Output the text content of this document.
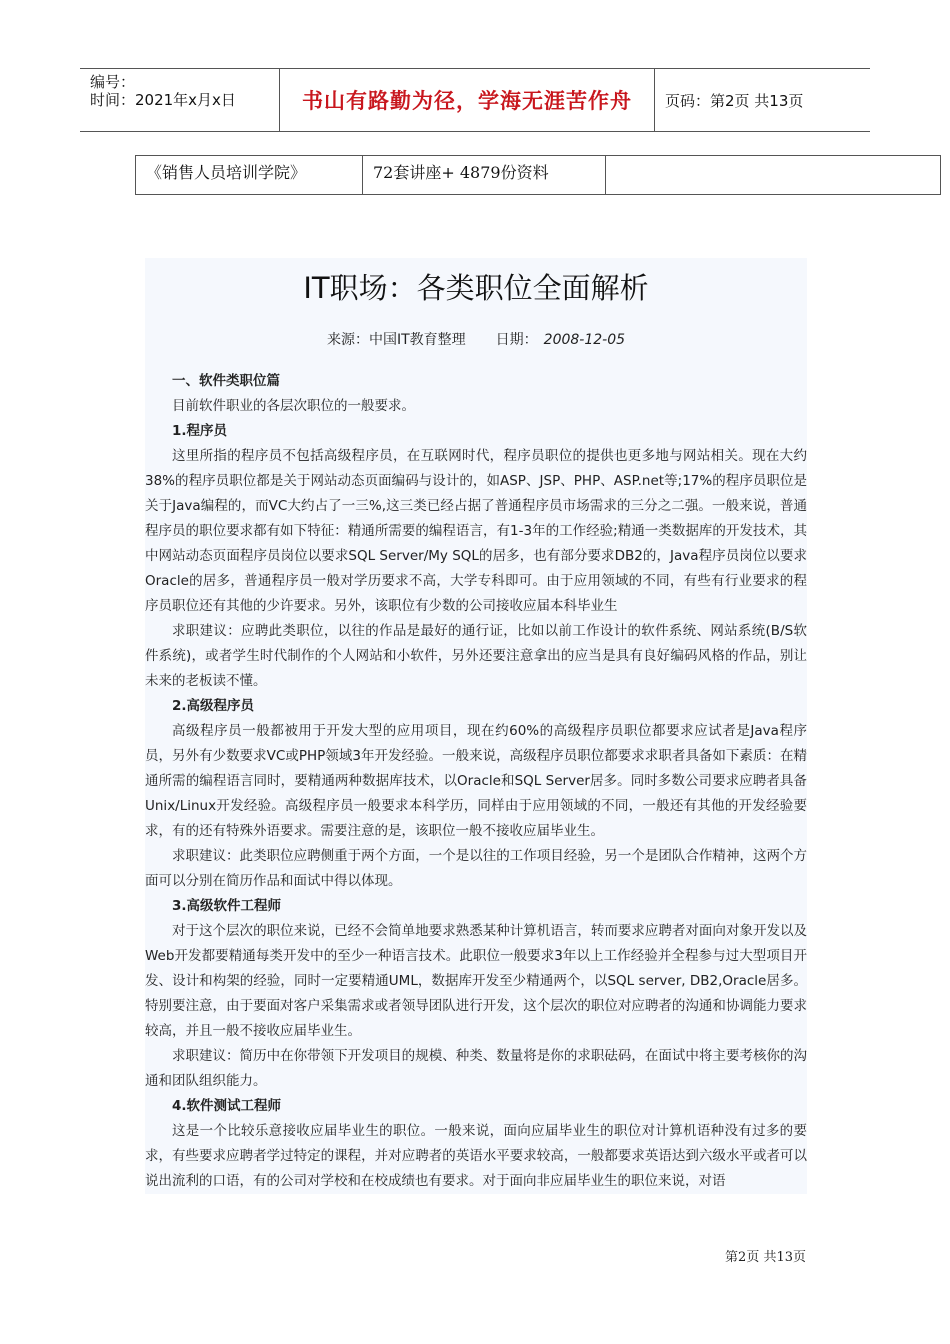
编号：
时间：2021年x月x日	书山有路勤为径，学海无涯苦作舟	页码：第2页 共13页
《销售人员培训学院》	72套讲座+ 4879份资料
IT职场：各类职位全面解析
来源：中国IT教育整理 日期： 2008-12-05

一、软件类职位篇

目前软件职业的各层次职位的一般要求。

1.程序员

这里所指的程序员不包括高级程序员，在互联网时代，程序员职位的提供也更多地与网站相关。现在大约38%的程序员职位都是关于网站动态页面编码与设计的，如ASP、JSP、PHP、ASP.net等;17%的程序员职位是关于Java编程的，而VC大约占了一三%,这三类已经占据了普通程序员市场需求的三分之二强。一般来说，普通程序员的职位要求都有如下特征：精通所需要的编程语言，有1-3年的工作经验;精通一类数据库的开发技术，其中网站动态页面程序员岗位以要求SQL Server/My SQL的居多，也有部分要求DB2的，Java程序员岗位以要求Oracle的居多，普通程序员一般对学历要求不高，大学专科即可。由于应用领域的不同，有些有行业要求的程序员职位还有其他的少许要求。另外，该职位有少数的公司接收应届本科毕业生

求职建议：应聘此类职位，以往的作品是最好的通行证，比如以前工作设计的软件系统、网站系统(B/S软件系统)，或者学生时代制作的个人网站和小软件，另外还要注意拿出的应当是具有良好编码风格的作品，别让未来的老板读不懂。

2.高级程序员

高级程序员一般都被用于开发大型的应用项目，现在约60%的高级程序员职位都要求应试者是Java程序员，另外有少数要求VC或PHP领域3年开发经验。一般来说，高级程序员职位都要求求职者具备如下素质：在精通所需的编程语言同时，要精通两种数据库技术，以Oracle和SQL Server居多。同时多数公司要求应聘者具备Unix/Linux开发经验。高级程序员一般要求本科学历，同样由于应用领域的不同，一般还有其他的开发经验要求，有的还有特殊外语要求。需要注意的是，该职位一般不接收应届毕业生。

求职建议：此类职位应聘侧重于两个方面，一个是以往的工作项目经验，另一个是团队合作精神，这两个方面可以分别在简历作品和面试中得以体现。

3.高级软件工程师

对于这个层次的职位来说，已经不会简单地要求熟悉某种计算机语言，转而要求应聘者对面向对象开发以及Web开发都要精通每类开发中的至少一种语言技术。此职位一般要求3年以上工作经验并全程参与过大型项目开发、设计和构架的经验，同时一定要精通UML，数据库开发至少精通两个，以SQL server, DB2,Oracle居多。特别要注意，由于要面对客户采集需求或者领导团队进行开发，这个层次的职位对应聘者的沟通和协调能力要求较高，并且一般不接收应届毕业生。

求职建议：简历中在你带领下开发项目的规模、种类、数量将是你的求职砝码，在面试中将主要考核你的沟通和团队组织能力。

4.软件测试工程师

这是一个比较乐意接收应届毕业生的职位。一般来说，面向应届毕业生的职位对计算机语种没有过多的要求，有些要求应聘者学过特定的课程，并对应聘者的英语水平要求较高，一般都要求英语达到六级水平或者可以说出流利的口语，有的公司对学校和在校成绩也有要求。对于面向非应届毕业生的职位来说，对语

第2页 共13页
